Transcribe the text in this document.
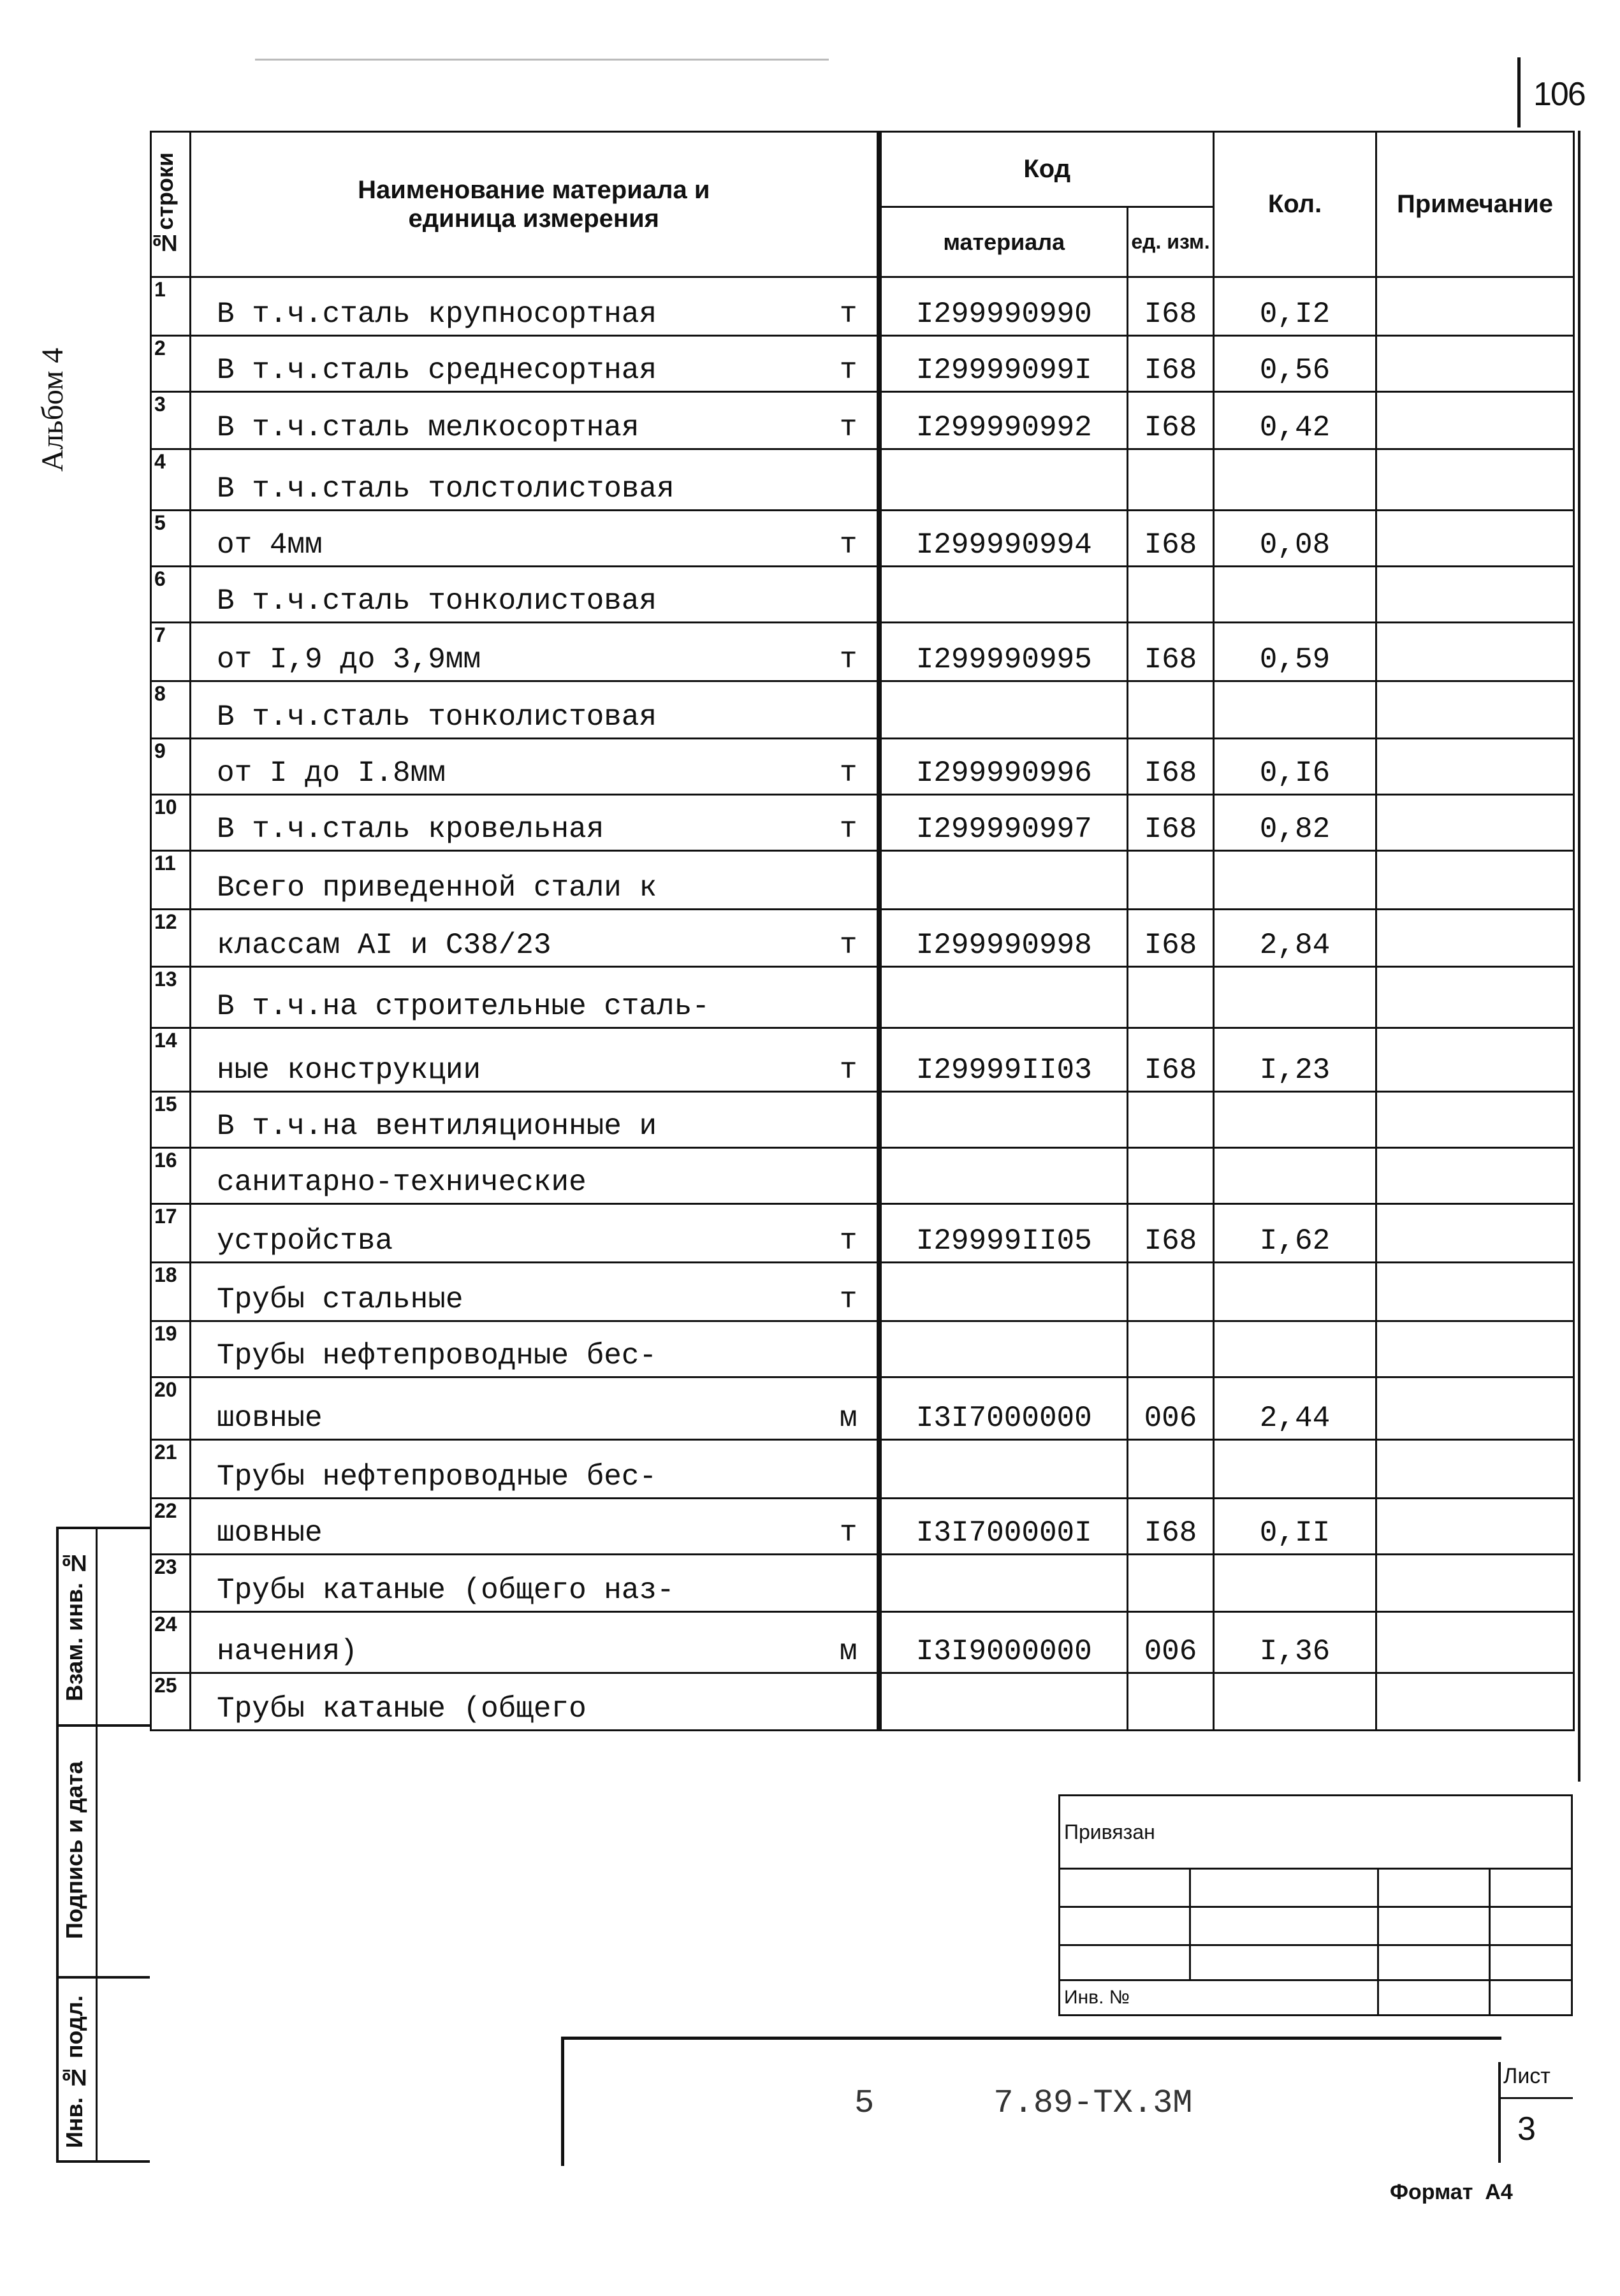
106
Альбом 4
№строки	Наименование материала и единица измерения	Код		Кол.	Примечание
		материала	ед. изм.		
1	В т.ч.сталь крупносортная т	I299990990	I68	0,I2	
2	В т.ч.сталь среднесортная т	I29999099I	I68	0,56	
3	В т.ч.сталь мелкосортная т	I299990992	I68	0,42	
4	В т.ч.сталь толстолистовая				

5	от 4мм т	I299990994	I68	0,08	
6	В т.ч.сталь тонколистовая				

7	от I,9 до 3,9мм т	I299990995	I68	0,59	
8	В т.ч.сталь тонколистовая				

9	от I до I.8мм т	I299990996	I68	0,I6	
10	В т.ч.сталь кровельная т	I299990997	I68	0,82	
11	Всего приведенной стали к				

12	классам АI и С38/23 т	I299990998	I68	2,84	
13	В т.ч.на строительные сталь-				

14	ные конструкции т	I29999II03	I68	I,23	
15	В т.ч.на вентиляционные и				

16	санитарно-технические				

17	устройства т	I29999II05	I68	I,62	
18	Трубы стальные т				

19	Трубы нефтепроводные бес-				

20	шовные м	I3I7000000	006	2,44	
21	Трубы нефтепроводные бес-				

22	шовные т	I3I700000I	I68	0,II	
23	Трубы катаные (общего наз-				

24	начения) м	I3I9000000	006	I,36	
25	Трубы катаные (общего				

Взам. инв. №
Подпись и дата
Инв. № подл.
Привязан			

Инв. №			

5      7.89-ТХ.3М
Лист
3
Формат  А4
